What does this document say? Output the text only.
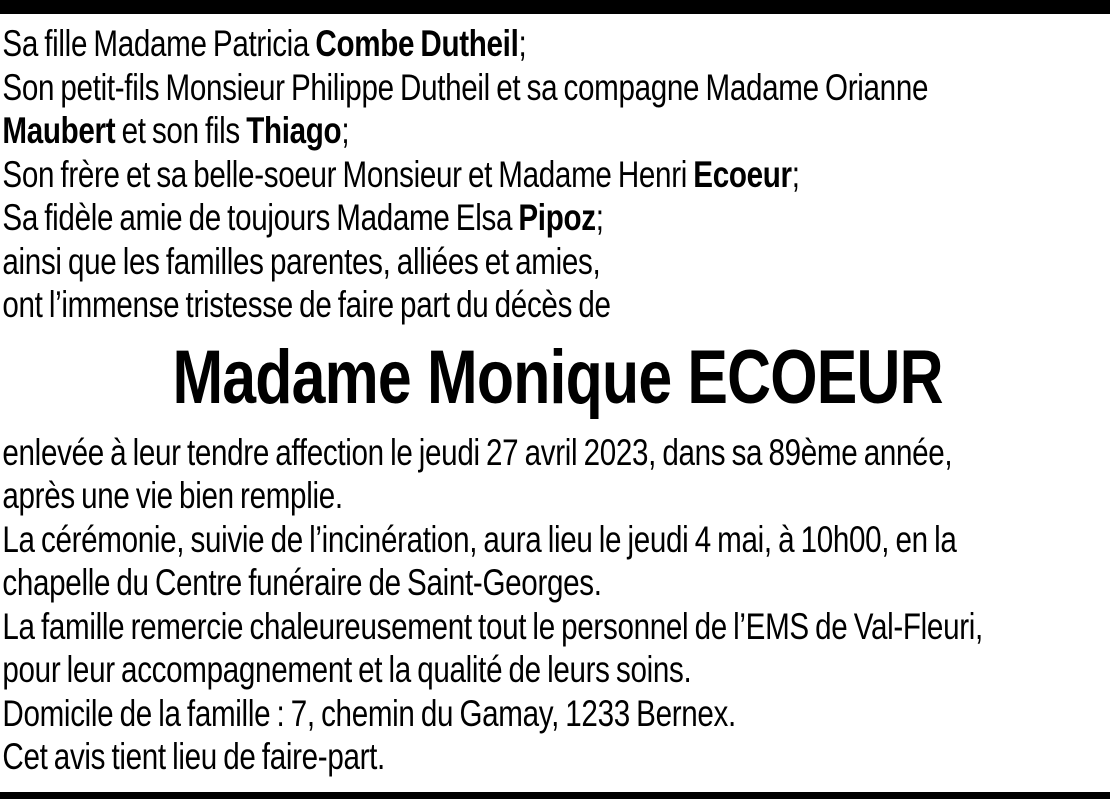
Sa fille Madame Patricia Combe Dutheil;
Son petit-fils Monsieur Philippe Dutheil et sa compagne Madame Orianne
Maubert et son fils Thiago;
Son frère et sa belle-soeur Monsieur et Madame Henri Ecoeur;
Sa fidèle amie de toujours Madame Elsa Pipoz;
ainsi que les familles parentes, alliées et amies,
ont l’immense tristesse de faire part du décès de
Madame Monique ECOEUR
enlevée à leur tendre affection le jeudi 27 avril 2023, dans sa 89ème année,
après une vie bien remplie.
La cérémonie, suivie de l’incinération, aura lieu le jeudi 4 mai, à 10h00, en la
chapelle du Centre funéraire de Saint-Georges.
La famille remercie chaleureusement tout le personnel de l’EMS de Val-Fleuri,
pour leur accompagnement et la qualité de leurs soins.
Domicile de la famille : 7, chemin du Gamay, 1233 Bernex.
Cet avis tient lieu de faire-part.
